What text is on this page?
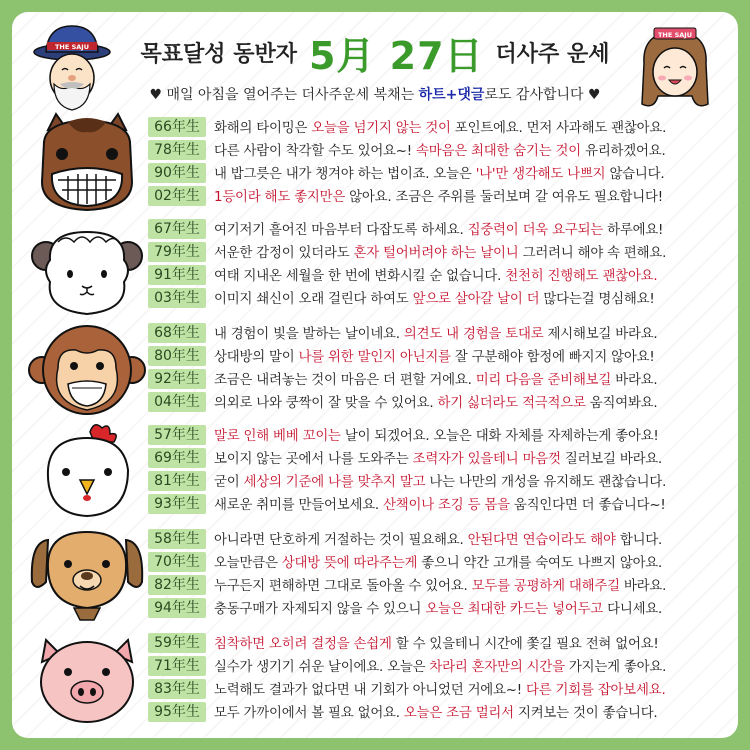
THE SAJU 목표달성 동반자 5月 27日 더사주 운세
THE SAJU
♥ 매일 아침을 열어주는 더사주운세 복채는 하트+댓글로도 감사합니다 ♥
66年生	화해의 타이밍은 오늘을 넘기지 않는 것이 포인트에요. 먼저 사과해도 괜찮아요.
78年生	다른 사람이 착각할 수도 있어요~! 속마음은 최대한 숨기는 것이 유리하겠어요.
90年生	내 밥그릇은 내가 챙겨야 하는 법이죠. 오늘은 '나'만 생각해도 나쁘지 않습니다.
02年生	1등이라 해도 좋지만은 않아요. 조금은 주위를 둘러보며 갈 여유도 필요합니다!
67年生	여기저기 흩어진 마음부터 다잡도록 하세요. 집중력이 더욱 요구되는 하루에요!
79年生	서운한 감정이 있더라도 혼자 털어버려야 하는 날이니 그러려니 해야 속 편해요.
91年生	여태 지내온 세월을 한 번에 변화시킬 순 없습니다. 천천히 진행해도 괜찮아요.
03年生	이미지 쇄신이 오래 걸린다 하여도 앞으로 살아갈 날이 더 많다는걸 명심해요!
68年生	내 경험이 빛을 발하는 날이네요. 의견도 내 경험을 토대로 제시해보길 바라요.
80年生	상대방의 말이 나를 위한 말인지 아닌지를 잘 구분해야 함정에 빠지지 않아요!
92年生	조금은 내려놓는 것이 마음은 더 편할 거에요. 미리 다음을 준비해보길 바라요.
04年生	의외로 나와 쿵짝이 잘 맞을 수 있어요. 하기 싫더라도 적극적으로 움직여봐요.
57年生	말로 인해 베베 꼬이는 날이 되겠어요. 오늘은 대화 자체를 자제하는게 좋아요!
69年生	보이지 않는 곳에서 나를 도와주는 조력자가 있을테니 마음껏 질러보길 바라요.
81年生	굳이 세상의 기준에 나를 맞추지 말고 나는 나만의 개성을 유지해도 괜찮습니다.
93年生	새로운 취미를 만들어보세요. 산책이나 조깅 등 몸을 움직인다면 더 좋습니다~!
58年生	아니라면 단호하게 거절하는 것이 필요해요. 안된다면 연습이라도 해야 합니다.
70年生	오늘만큼은 상대방 뜻에 따라주는게 좋으니 약간 고개를 숙여도 나쁘지 않아요.
82年生	누구든지 편해하면 그대로 돌아올 수 있어요. 모두를 공평하게 대해주길 바라요.
94年生	충동구매가 자제되지 않을 수 있으니 오늘은 최대한 카드는 넣어두고 다니세요.
59年生	침착하면 오히려 결정을 손쉽게 할 수 있을테니 시간에 쫓길 필요 전혀 없어요!
71年生	실수가 생기기 쉬운 날이에요. 오늘은 차라리 혼자만의 시간을 가지는게 좋아요.
83年生	노력해도 결과가 없다면 내 기회가 아니었던 거에요~! 다른 기회를 잡아보세요.
95年生	모두 가까이에서 볼 필요 없어요. 오늘은 조금 멀리서 지켜보는 것이 좋습니다.
